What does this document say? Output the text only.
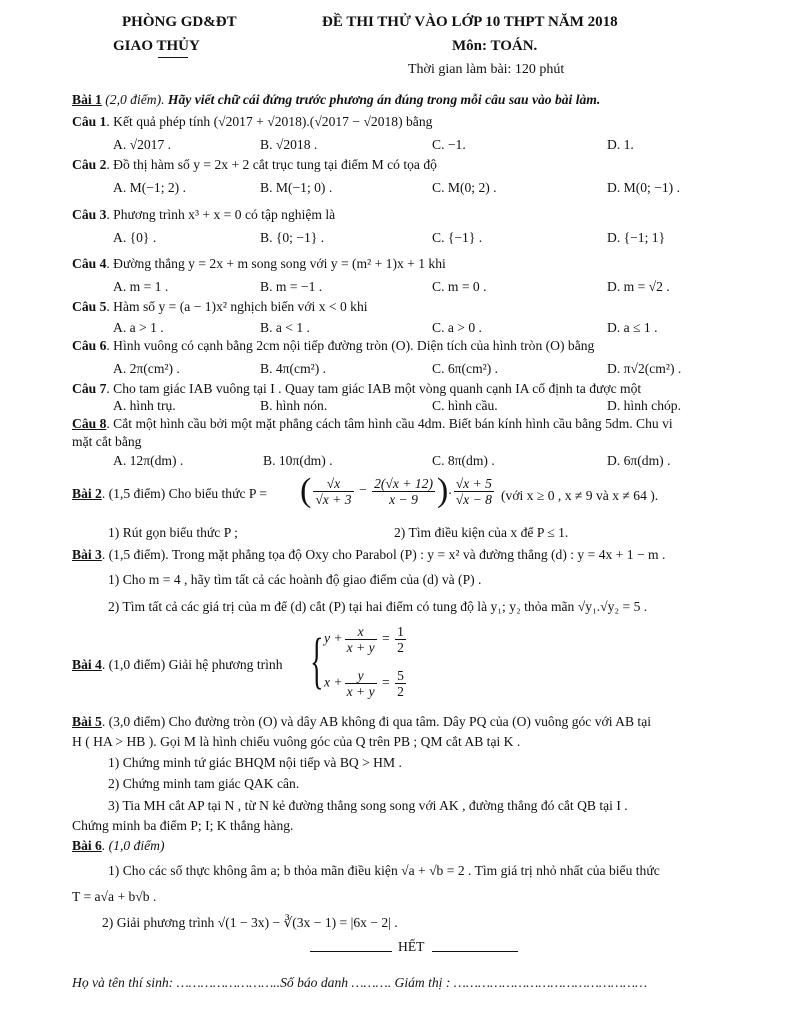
PHÒNG GD&ĐT
GIAO THỦY
ĐỀ THI THỬ VÀO LỚP 10 THPT NĂM 2018
Môn: TOÁN.
Thời gian làm bài: 120 phút
Bài 1 (2,0 điểm). Hãy viết chữ cái đứng trước phương án đúng trong mỗi câu sau vào bài làm.
Câu 1. Kết quả phép tính (√2017 + √2018).(√2017 − √2018) bằng
A. √2017 .	B. √2018 .	C. −1.	D. 1.
Câu 2. Đồ thị hàm số y = 2x + 2 cắt trục tung tại điểm M có tọa độ
A. M(−1; 2) .	B. M(−1; 0) .	C. M(0; 2) .	D. M(0; −1) .
Câu 3. Phương trình x³ + x = 0 có tập nghiệm là
A. {0} .	B. {0; −1} .	C. {−1} .	D. {−1; 1}
Câu 4. Đường thẳng y = 2x + m song song với y = (m² + 1)x + 1 khi
A. m = 1 .	B. m = −1 .	C. m = 0 .	D. m = √2 .
Câu 5. Hàm số y = (a − 1)x² nghịch biến với x < 0 khi
A. a > 1 .	B. a < 1 .	C. a > 0 .	D. a ≤ 1 .
Câu 6. Hình vuông có cạnh bằng 2cm nội tiếp đường tròn (O). Diện tích của hình tròn (O) bằng
A. 2π(cm²) .	B. 4π(cm²) .	C. 6π(cm²) .	D. π√2(cm²) .
Câu 7. Cho tam giác IAB vuông tại I . Quay tam giác IAB một vòng quanh cạnh IA cố định ta được một
A. hình trụ.	B. hình nón.	C. hình cầu.	D. hình chóp.
Câu 8. Cắt một hình cầu bởi một mặt phẳng cách tâm hình cầu 4dm. Biết bán kính hình cầu bằng 5dm. Chu vi
mặt cắt bằng
A. 12π(dm) .	B. 10π(dm) .	C. 8π(dm) .	D. 6π(dm) .
Bài 2. (1,5 điểm) Cho biểu thức P = ( $\frac{√x}{√x + 3} - \frac{2(√x + 12)}{x - 9}$ ). $\frac{√x + 5}{√x - 8}$ (với x ≥ 0 , x ≠ 9 và x ≠ 64 ).
1) Rút gọn biểu thức P ;	2) Tìm điều kiện của x để P ≤ 1.
Bài 3. (1,5 điểm). Trong mặt phẳng tọa độ Oxy cho Parabol (P) : y = x² và đường thẳng (d) : y = 4x + 1 − m .
1) Cho m = 4 , hãy tìm tất cả các hoành độ giao điểm của (d) và (P) .
2) Tìm tất cả các giá trị của m để (d) cắt (P) tại hai điểm có tung độ là y₁; y₂ thỏa mãn √y₁.√y₂ = 5 .
Bài 4. (1,0 điểm) Giải hệ phương trình { $y + \frac{x}{x + y} = \frac{1}{2}$
$x + \frac{y}{x + y} = \frac{5}{2}$
Bài 5. (3,0 điểm) Cho đường tròn (O) và dây AB không đi qua tâm. Dây PQ của (O) vuông góc với AB tại
H ( HA > HB ). Gọi M là hình chiếu vuông góc của Q trên PB ; QM cắt AB tại K .
1) Chứng minh tứ giác BHQM nội tiếp và BQ > HM .
2) Chứng minh tam giác QAK cân.
3) Tia MH cắt AP tại N , từ N kẻ đường thẳng song song với AK , đường thẳng đó cắt QB tại I .
Chứng minh ba điểm P; I; K thẳng hàng.
Bài 6. (1,0 điểm)
1) Cho các số thực không âm a; b thỏa mãn điều kiện √a + √b = 2 . Tìm giá trị nhỏ nhất của biểu thức
T = a√a + b√b .
2) Giải phương trình √(1 − 3x) − ∛(3x − 1) = |6x − 2| .
HẾT
Họ và tên thí sinh: ……………………..Số báo danh ………. Giám thị : …………………………………………
